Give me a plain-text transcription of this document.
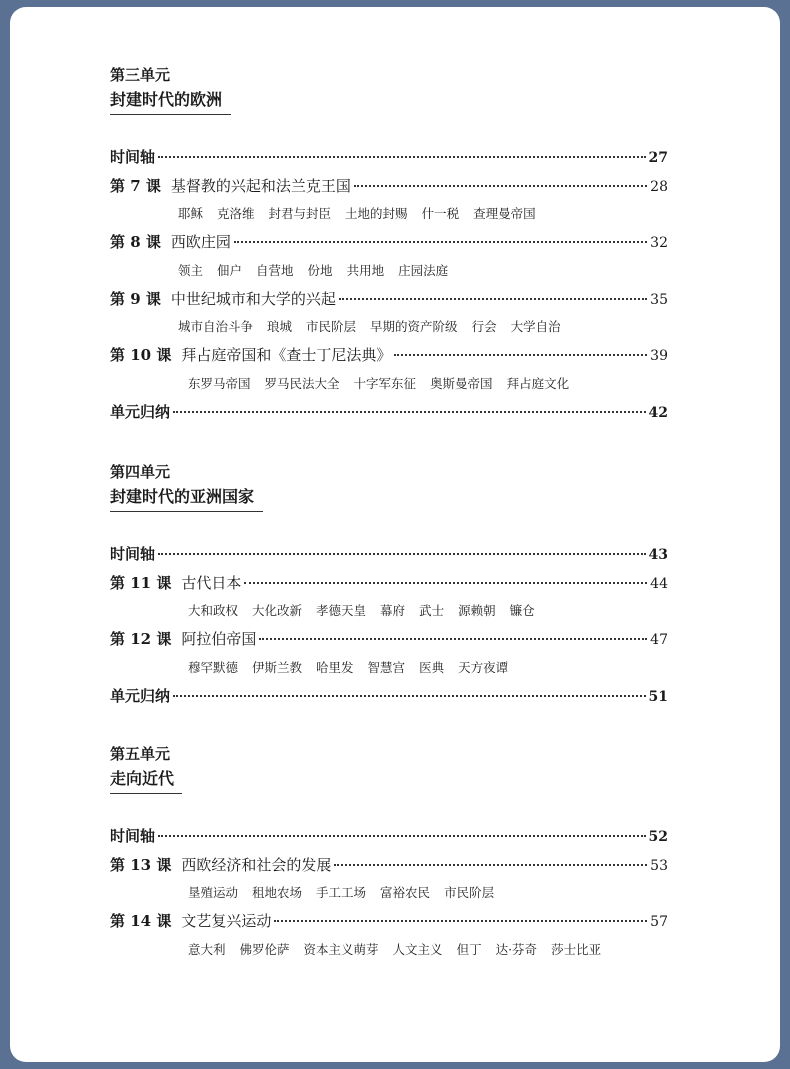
第三单元
封建时代的欧洲
时间轴	27
第 7 课 基督教的兴起和法兰克王国	28
耶稣 克洛维 封君与封臣 土地的封赐 什一税 查理曼帝国
第 8 课 西欧庄园	32
领主 佃户 自营地 份地 共用地 庄园法庭
第 9 课 中世纪城市和大学的兴起	35
城市自治斗争 琅城 市民阶层 早期的资产阶级 行会 大学自治
第 10 课 拜占庭帝国和《查士丁尼法典》	39
东罗马帝国 罗马民法大全 十字军东征 奥斯曼帝国 拜占庭文化
单元归纳	42
第四单元
封建时代的亚洲国家
时间轴	43
第 11 课 古代日本	44
大和政权 大化改新 孝德天皇 幕府 武士 源赖朝 镰仓
第 12 课 阿拉伯帝国	47
穆罕默德 伊斯兰教 哈里发 智慧宫 医典 天方夜谭
单元归纳	51
第五单元
走向近代
时间轴	52
第 13 课 西欧经济和社会的发展	53
垦殖运动 租地农场 手工工场 富裕农民 市民阶层
第 14 课 文艺复兴运动	57
意大利 佛罗伦萨 资本主义萌芽 人文主义 但丁 达·芬奇 莎士比亚
